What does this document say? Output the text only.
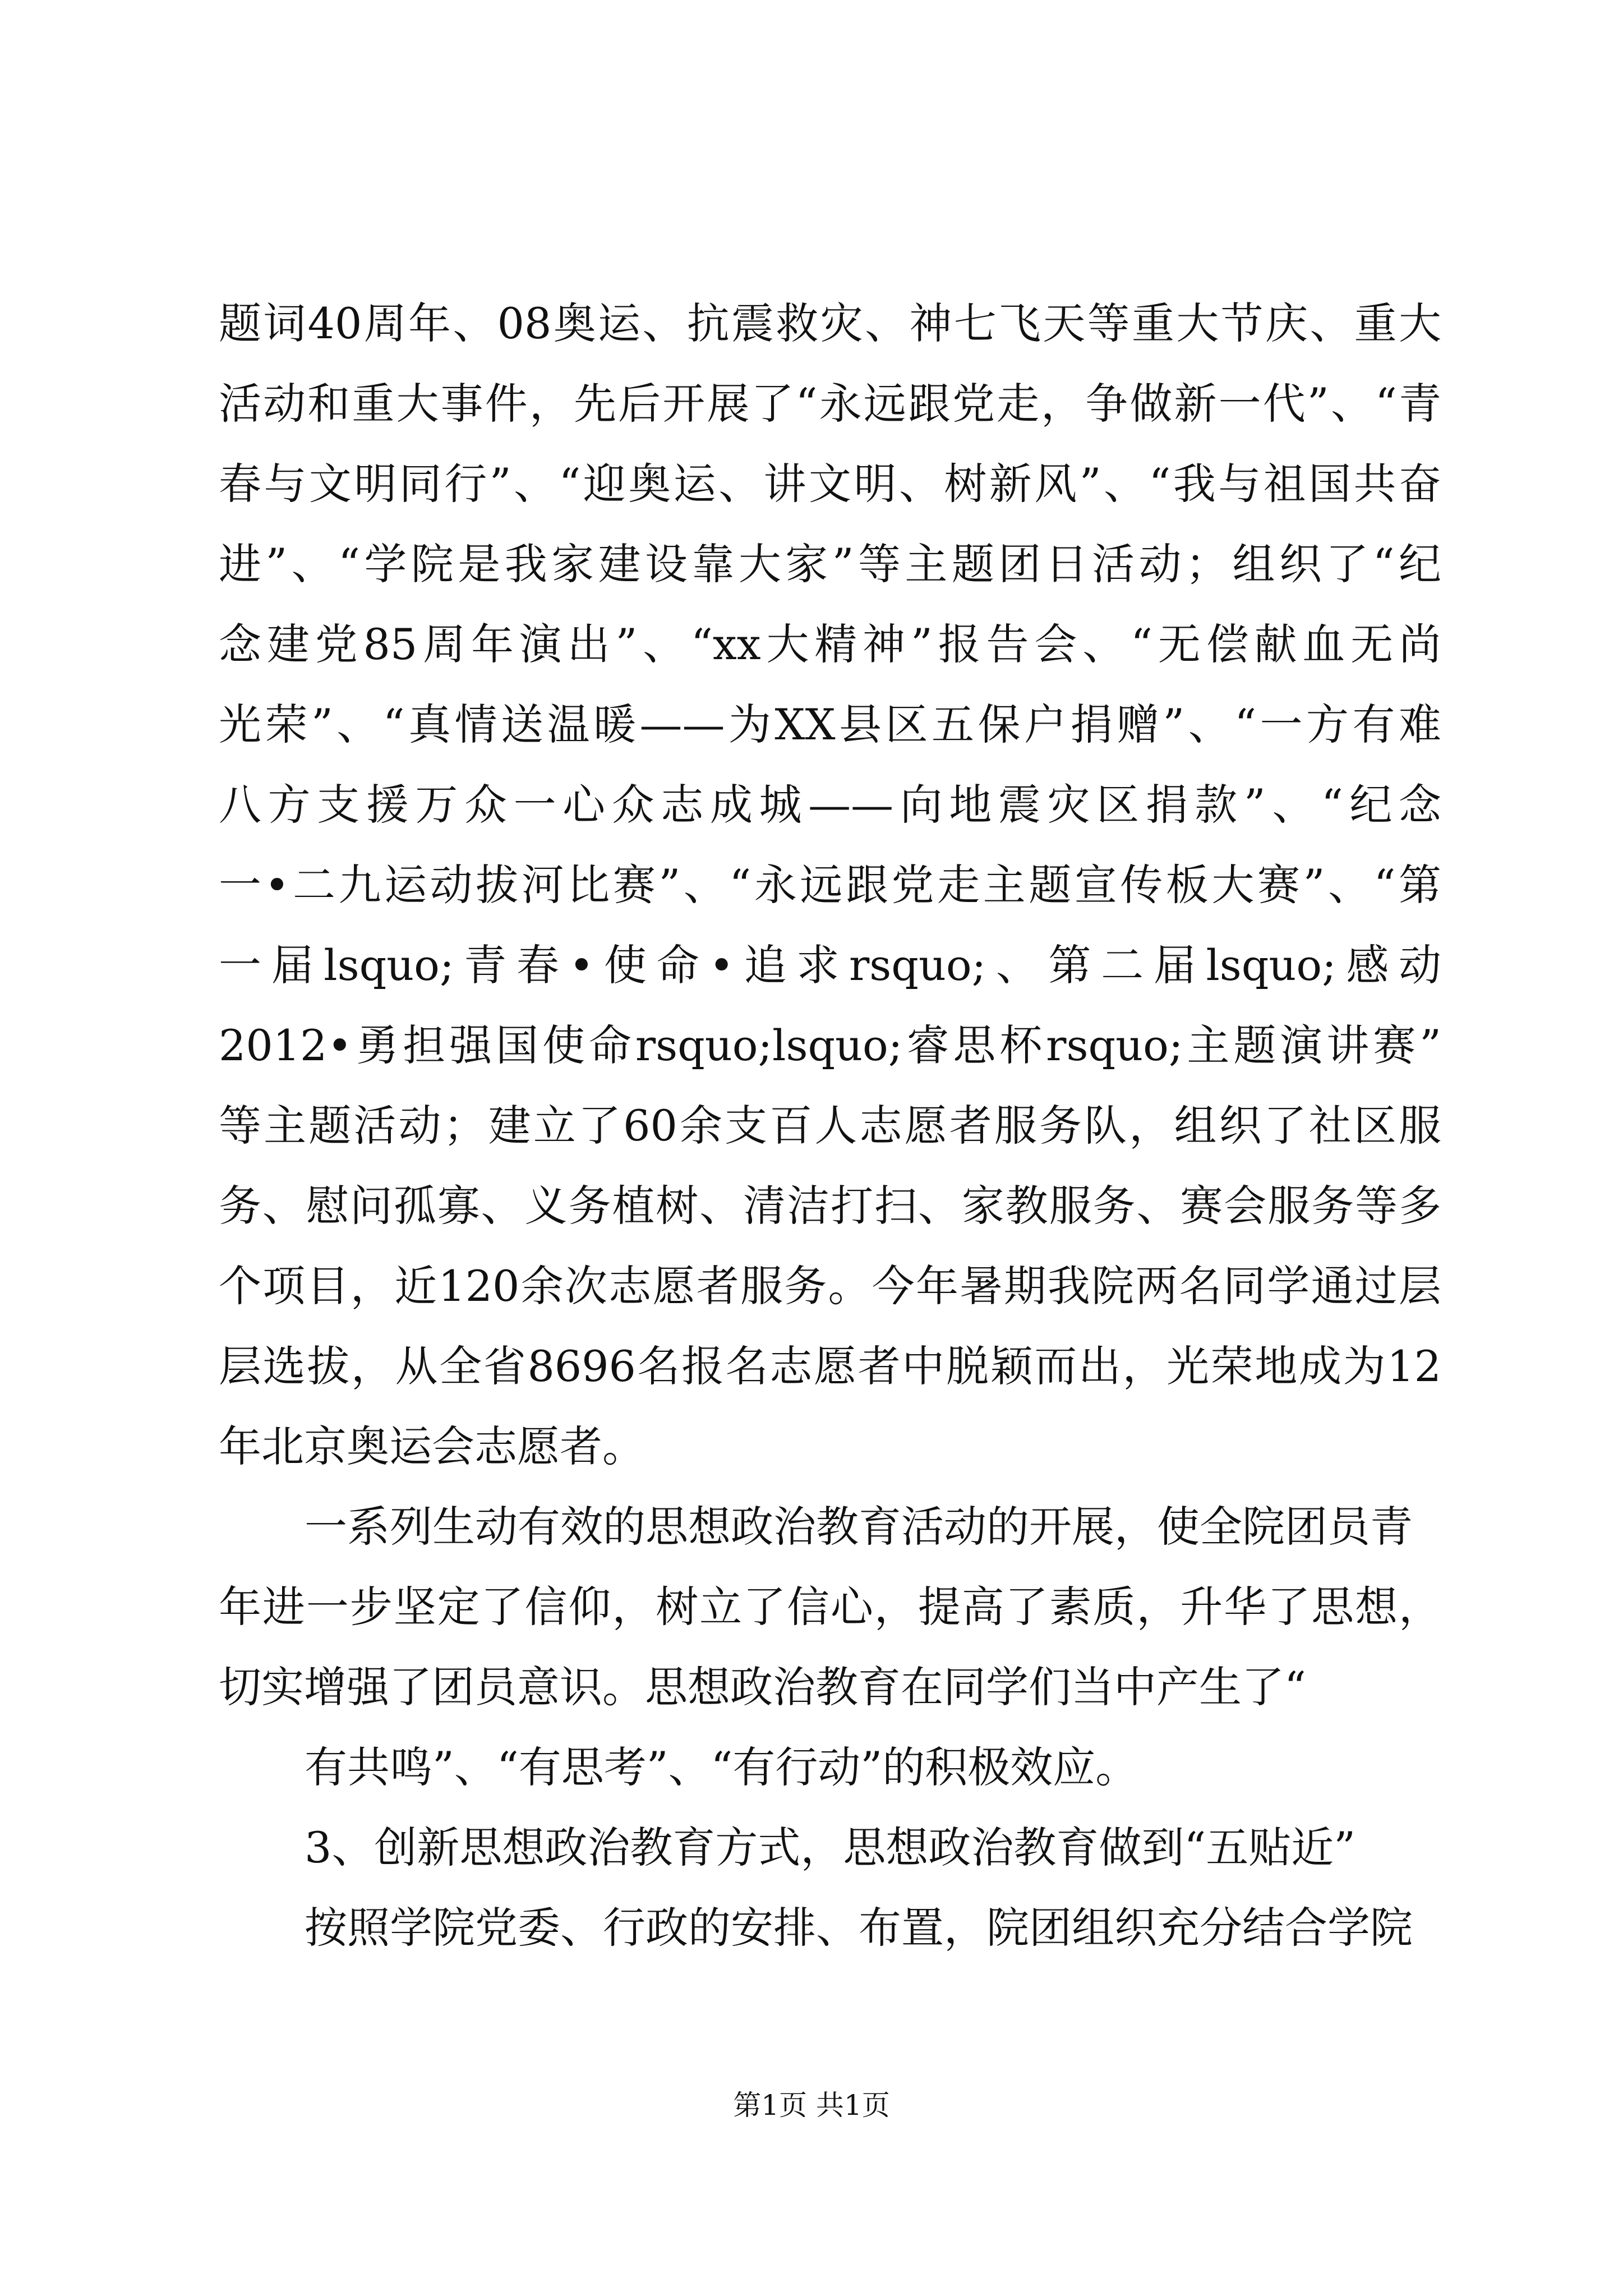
题词40周年、08奥运、抗震救灾、神七飞天等重大节庆、重大
活动和重大事件，先后开展了“永远跟党走，争做新一代”、“青
春与文明同行”、“迎奥运、讲文明、树新风”、“我与祖国共奋
进”、“学院是我家建设靠大家”等主题团日活动；组织了“纪
念建党85周年演出”、“xx大精神”报告会、“无偿献血无尚
光荣”、“真情送温暖——为XX县区五保户捐赠”、“一方有难
八方支援万众一心众志成城——向地震灾区捐款”、“纪念
一•二九运动拔河比赛”、“永远跟党走主题宣传板大赛”、“第
一届lsquo;青春•使命•追求rsquo;、第二届lsquo;感动
2012•勇担强国使命rsquo;lsquo;睿思杯rsquo;主题演讲赛”
等主题活动；建立了60余支百人志愿者服务队，组织了社区服
务、慰问孤寡、义务植树、清洁打扫、家教服务、赛会服务等多
个项目，近120余次志愿者服务。今年暑期我院两名同学通过层
层选拔，从全省8696名报名志愿者中脱颖而出，光荣地成为12
年北京奥运会志愿者。
一系列生动有效的思想政治教育活动的开展，使全院团员青
年进一步坚定了信仰，树立了信心，提高了素质，升华了思想，
切实增强了团员意识。思想政治教育在同学们当中产生了“
有共鸣”、“有思考”、“有行动”的积极效应。
3、创新思想政治教育方式，思想政治教育做到“五贴近”
按照学院党委、行政的安排、布置，院团组织充分结合学院
第1页 共1页
